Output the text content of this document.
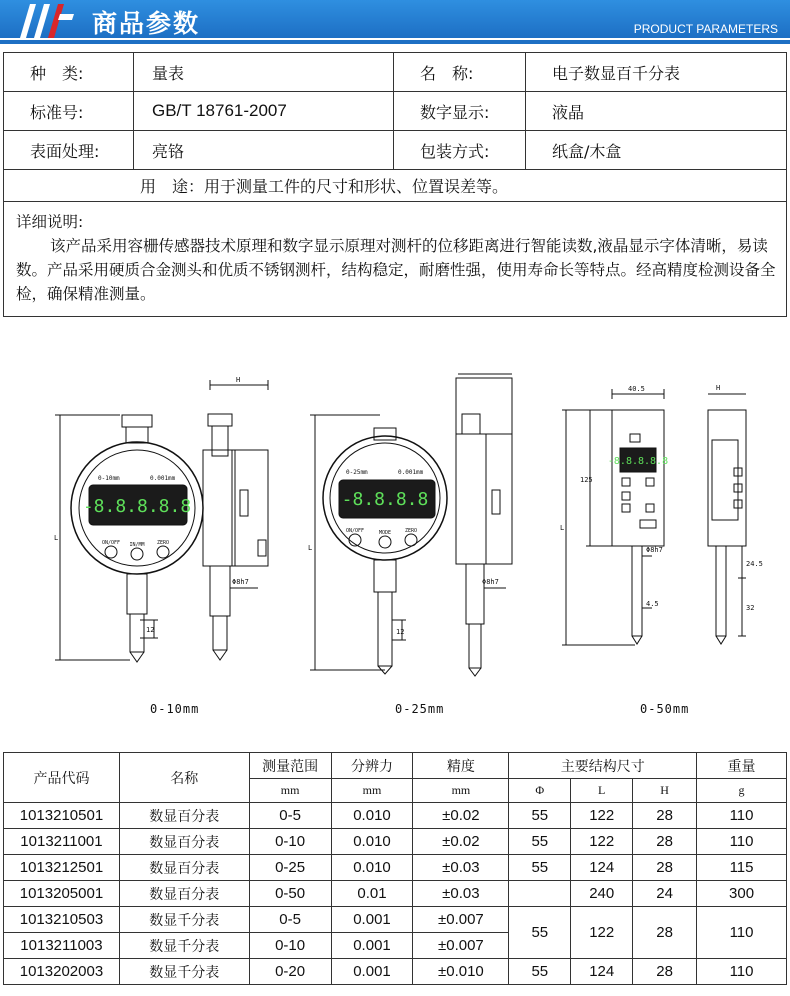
商品参数	PRODUCT PARAMETERS
种　类:	量表	名　称:	电子数显百千分表
标准号:	GB/T 18761-2007	数字显示:	液晶
表面处理:	亮铬	包装方式:	纸盒/木盒
用　途：用于测量工件的尺寸和形状、位置误差等。
详细说明:
该产品采用容栅传感器技术原理和数字显示原理对测杆的位移距离进行智能读数,液晶显示字体清晰，易读数。产品采用硬质合金测头和优质不锈钢测杆，结构稳定，耐磨性强，使用寿命长等特点。经高精度检测设备全检，确保精准测量。
-8.8.8.8.8
0-10mm	0.001mm
ON/OFF	ZERO
IN/MM
-8.8.8.8
0-25mm	0.001mm
ON/OFF	ZERO
MODE
-8.8.8.8.8
L
H
Φ8h7
12
L
Φ8h7
12
40.5
125
L
Φ8h7
4.5
H
24.5
32
0-10mm	0-25mm	0-50mm
产品代码	名称	测量范围	分辨力	精度	主要结构尺寸			重量
		mm	mm	mm	Φ	L	H	g
1013210501	数显百分表	0-5	0.010	±0.02	55	122	28	110
1013211001	数显百分表	0-10	0.010	±0.02	55	122	28	110
1013212501	数显百分表	0-25	0.010	±0.03	55	124	28	115
1013205001	数显百分表	0-50	0.01	±0.03		240	24	300
1013210503	数显千分表	0-5	0.001	±0.007	55	122	28	110
1013211003	数显千分表	0-10	0.001	±0.007				
1013202003	数显千分表	0-20	0.001	±0.010	55	124	28	110
